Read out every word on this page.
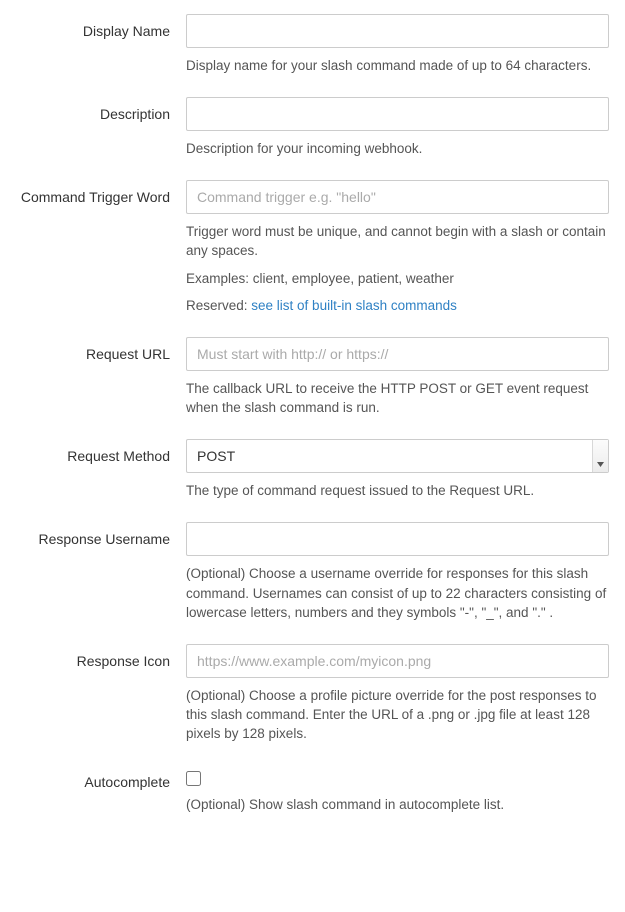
Display Name
Display name for your slash command made of up to 64 characters.
Description
Description for your incoming webhook.
Command Trigger Word
Command trigger e.g. "hello"
Trigger word must be unique, and cannot begin with a slash or contain any spaces.
Examples: client, employee, patient, weather
Reserved: see list of built-in slash commands
Request URL
Must start with http:// or https://
The callback URL to receive the HTTP POST or GET event request when the slash command is run.
Request Method
POST
The type of command request issued to the Request URL.
Response Username
(Optional) Choose a username override for responses for this slash command. Usernames can consist of up to 22 characters consisting of lowercase letters, numbers and they symbols "-", "_", and "." .
Response Icon
https://www.example.com/myicon.png
(Optional) Choose a profile picture override for the post responses to this slash command. Enter the URL of a .png or .jpg file at least 128 pixels by 128 pixels.
Autocomplete
(Optional) Show slash command in autocomplete list.
